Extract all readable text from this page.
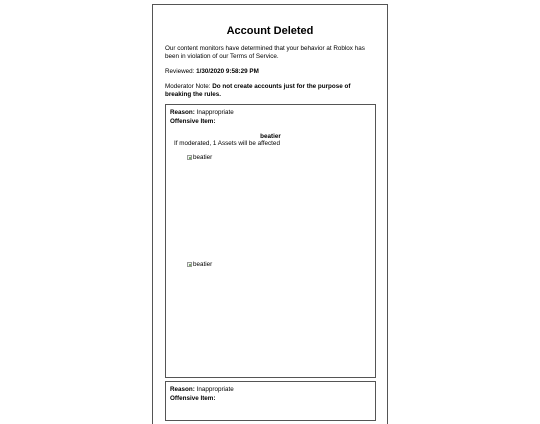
Account Deleted
Our content monitors have determined that your behavior at Roblox has been in violation of our Terms of Service.
Reviewed: 1/30/2020 9:58:29 PM
Moderator Note: Do not create accounts just for the purpose of breaking the rules.
Reason: Inappropriate
Offensive Item:
beatier
If moderated, 1 Assets will be affected
beatier
beatier
Reason: Inappropriate
Offensive Item:
